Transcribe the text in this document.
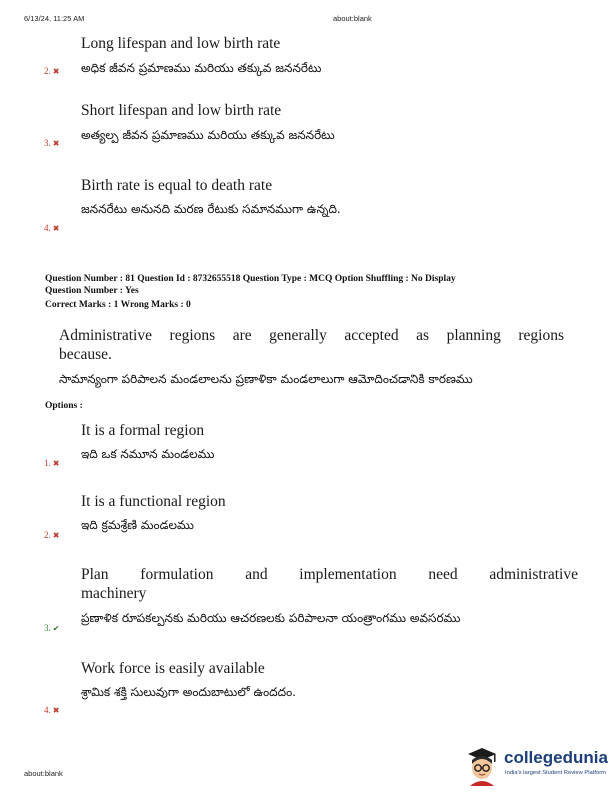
6/13/24, 11:25 AM	about:blank
Long lifespan and low birth rate
అధిక జీవన ప్రమాణము మరియు తక్కువ జననరేటు
2. ✖
Short lifespan and low birth rate
అత్యల్ప జీవన ప్రమాణము మరియు తక్కువ జననరేటు
3. ✖
Birth rate is equal to death rate
జననరేటు అనునది మరణ రేటుకు సమానముగా ఉన్నది.
4. ✖
Question Number : 81 Question Id : 8732655518 Question Type : MCQ Option Shuffling : No Display
Question Number : Yes
Correct Marks : 1 Wrong Marks : 0
Administrative regions are generally accepted as planning regions
because.
సామాన్యంగా పరిపాలన మండలాలను ప్రణాళికా మండలాలుగా ఆమోదించడానికి కారణము
Options :
It is a formal region
ఇది ఒక నమూన మండలము
1. ✖
It is a functional region
ఇది క్రమశ్రేణి మండలము
2. ✖
Plan formulation and implementation need administrative
machinery
ప్రణాళిక రూపకల్పనకు మరియు ఆచరణలకు పరిపాలనా యంత్రాంగము అవసరము
3. ✔
Work force is easily available
శ్రామిక శక్తి సులువుగా అందుబాటులో ఉందదం.
4. ✖
about:blank
collegedunia
India's largest Student Review Platform
